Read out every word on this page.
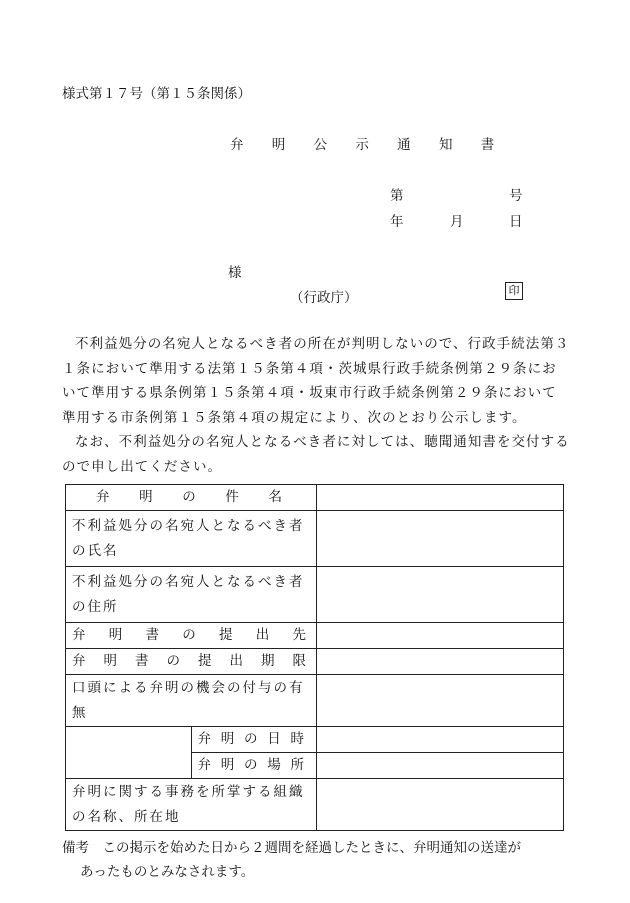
様式第１７号（第１５条関係）
弁 明 公 示 通 知 書
第	号
年	月	日
様
（行政庁）	印

不利益処分の名宛人となるべき者の所在が判明しないので、行政手続法第３１条において準用する法第１５条第４項・茨城県行政手続条例第２９条において準用する県条例第１５条第４項・坂東市行政手続条例第２９条において準用する市条例第１５条第４項の規定により、次のとおり公示します。

なお、不利益処分の名宛人となるべき者に対しては、聴聞通知書を交付するので申し出てください。

弁明の件名		
不利益処分の名宛人となるべき者の氏名		
不利益処分の名宛人となるべき者の住所		
弁明書の提出先		
弁明書の提出期限		
口頭による弁明の機会の付与の有無		
	弁明の日時	
	弁明の場所	
弁明に関する事務を所掌する組織の名称、所在地		
備考　この掲示を始めた日から２週間を経過したときに、弁明通知の送達が
あったものとみなされます。
